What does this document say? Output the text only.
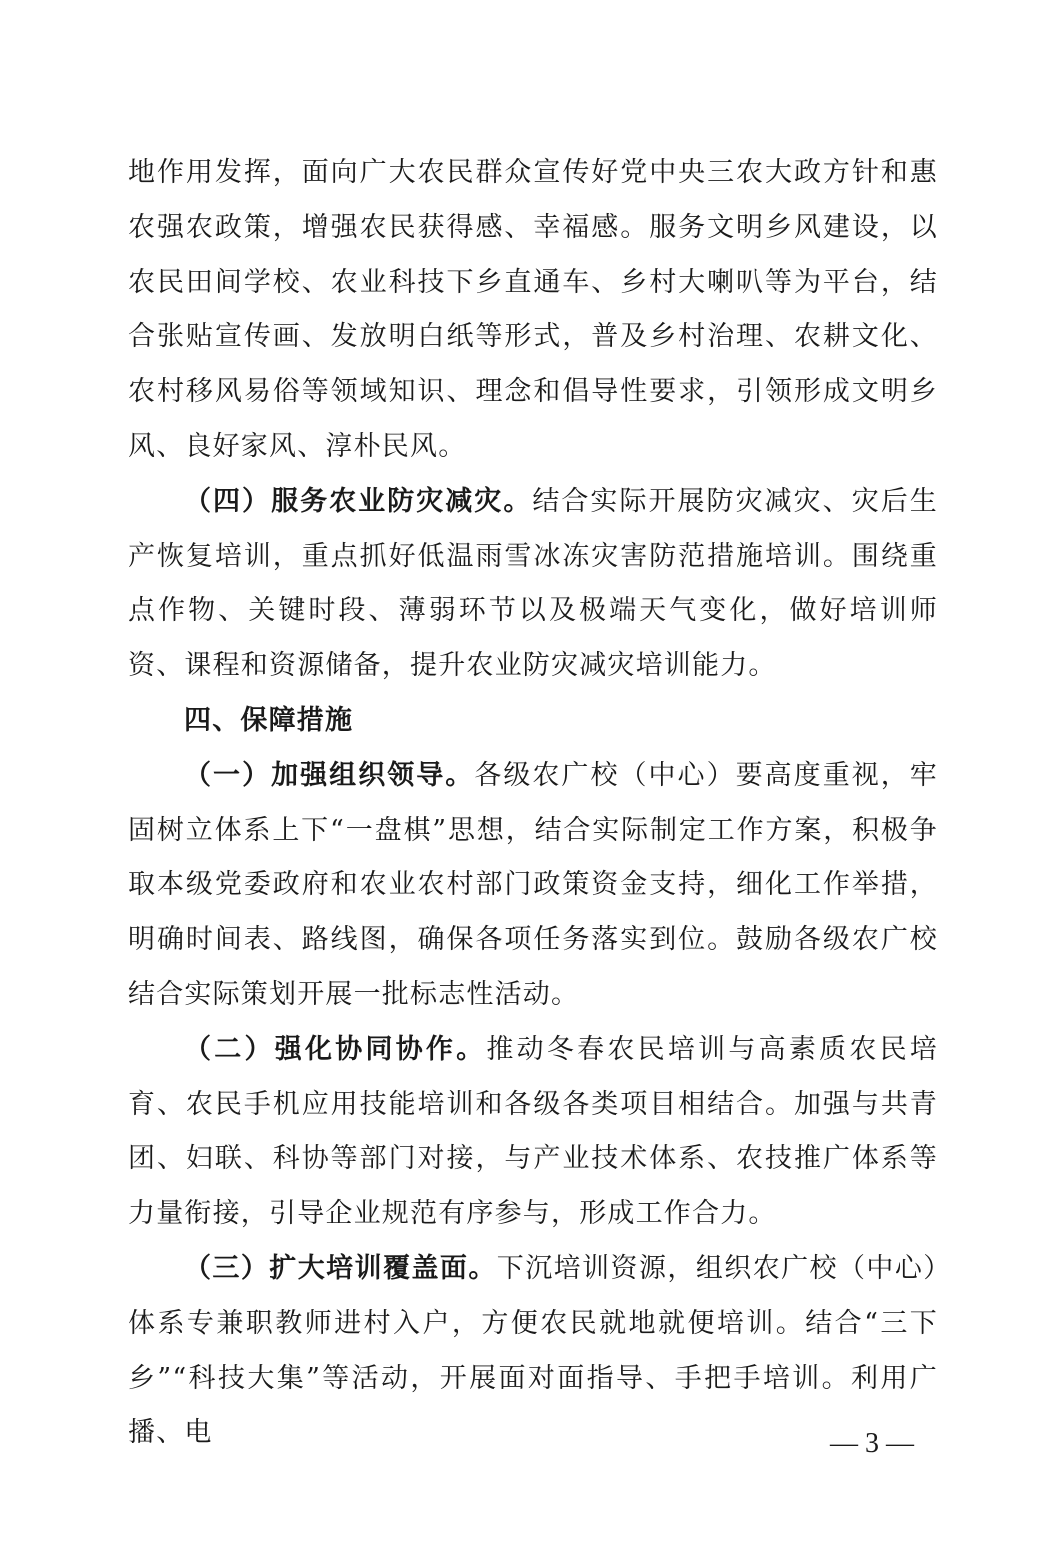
地作用发挥，面向广大农民群众宣传好党中央三农大政方针和惠农强农政策，增强农民获得感、幸福感。服务文明乡风建设，以农民田间学校、农业科技下乡直通车、乡村大喇叭等为平台，结合张贴宣传画、发放明白纸等形式，普及乡村治理、农耕文化、农村移风易俗等领域知识、理念和倡导性要求，引领形成文明乡风、良好家风、淳朴民风。

（四）服务农业防灾减灾。结合实际开展防灾减灾、灾后生产恢复培训，重点抓好低温雨雪冰冻灾害防范措施培训。围绕重点作物、关键时段、薄弱环节以及极端天气变化，做好培训师资、课程和资源储备，提升农业防灾减灾培训能力。

四、保障措施

（一）加强组织领导。各级农广校（中心）要高度重视，牢固树立体系上下“一盘棋”思想，结合实际制定工作方案，积极争取本级党委政府和农业农村部门政策资金支持，细化工作举措，明确时间表、路线图，确保各项任务落实到位。鼓励各级农广校结合实际策划开展一批标志性活动。

（二）强化协同协作。推动冬春农民培训与高素质农民培育、农民手机应用技能培训和各级各类项目相结合。加强与共青团、妇联、科协等部门对接，与产业技术体系、农技推广体系等力量衔接，引导企业规范有序参与，形成工作合力。

（三）扩大培训覆盖面。下沉培训资源，组织农广校（中心）体系专兼职教师进村入户，方便农民就地就便培训。结合“三下乡”“科技大集”等活动，开展面对面指导、手把手培训。利用广播、电	— 3 —
